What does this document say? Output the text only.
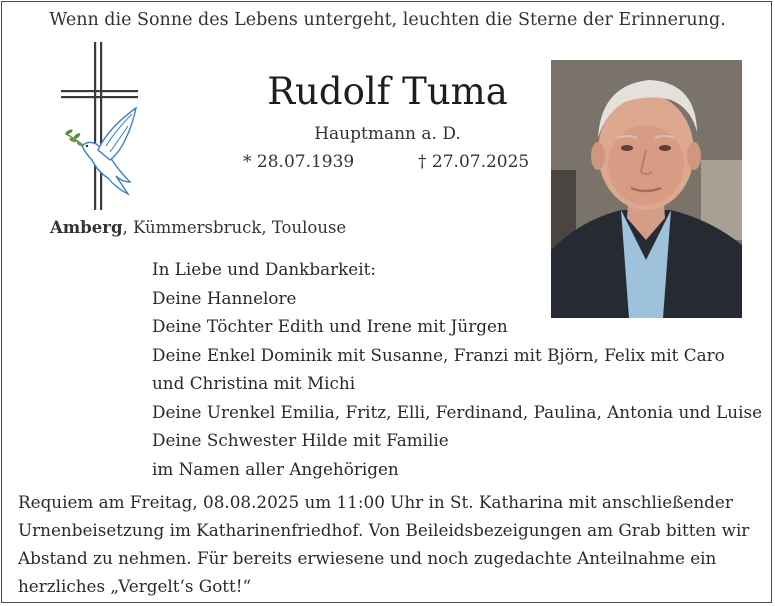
Wenn die Sonne des Lebens untergeht, leuchten die Sterne der Erinnerung.
Rudolf Tuma
Hauptmann a. D.
* 28.07.1939	† 27.07.2025
Amberg, Kümmersbruck, Toulouse
In Liebe und Dankbarkeit:
Deine Hannelore
Deine Töchter Edith und Irene mit Jürgen
Deine Enkel Dominik mit Susanne, Franzi mit Björn, Felix mit Caro
und Christina mit Michi
Deine Urenkel Emilia, Fritz, Elli, Ferdinand, Paulina, Antonia und Luise
Deine Schwester Hilde mit Familie
im Namen aller Angehörigen
Requiem am Freitag, 08.08.2025 um 11:00 Uhr in St. Katharina mit anschließender
Urnenbeisetzung im Katharinenfriedhof. Von Beileidsbezeigungen am Grab bitten wir
Abstand zu nehmen. Für bereits erwiesene und noch zugedachte Anteilnahme ein
herzliches „Vergelt‘s Gott!“
